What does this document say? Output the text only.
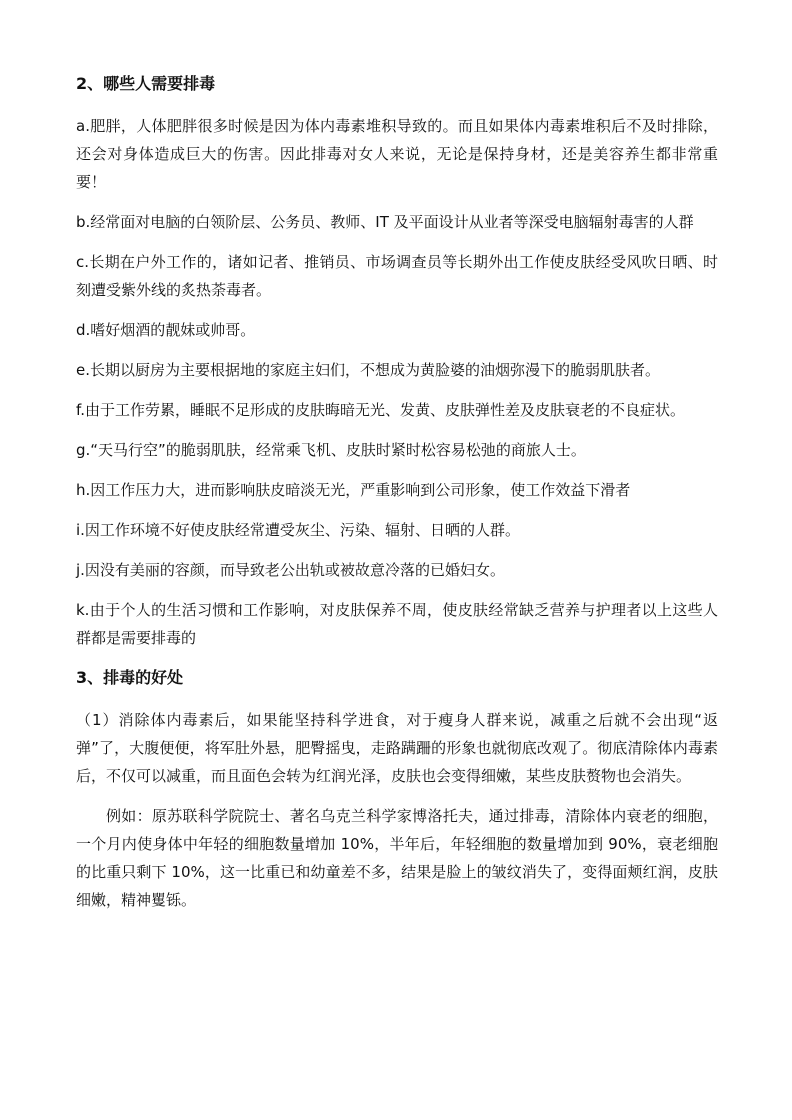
2、哪些人需要排毒
a.肥胖，人体肥胖很多时候是因为体内毒素堆积导致的。而且如果体内毒素堆积后不及时排除，还会对身体造成巨大的伤害。因此排毒对女人来说，无论是保持身材，还是美容养生都非常重要！
b.经常面对电脑的白领阶层、公务员、教师、IT 及平面设计从业者等深受电脑辐射毒害的人群
c.长期在户外工作的，诸如记者、推销员、市场调查员等长期外出工作使皮肤经受风吹日晒、时刻遭受紫外线的炙热荼毒者。
d.嗜好烟酒的靓妹或帅哥。
e.长期以厨房为主要根据地的家庭主妇们，不想成为黄脸婆的油烟弥漫下的脆弱肌肤者。
f.由于工作劳累，睡眠不足形成的皮肤晦暗无光、发黄、皮肤弹性差及皮肤衰老的不良症状。
g.“天马行空”的脆弱肌肤，经常乘飞机、皮肤时紧时松容易松弛的商旅人士。
h.因工作压力大，进而影响肤皮暗淡无光，严重影响到公司形象，使工作效益下滑者
i.因工作环境不好使皮肤经常遭受灰尘、污染、辐射、日晒的人群。
j.因没有美丽的容颜，而导致老公出轨或被故意冷落的已婚妇女。
k.由于个人的生活习惯和工作影响，对皮肤保养不周，使皮肤经常缺乏营养与护理者以上这些人群都是需要排毒的
3、排毒的好处
（1）消除体内毒素后，如果能坚持科学进食，对于瘦身人群来说，减重之后就不会出现“返弹”了，大腹便便，将军肚外悬，肥臀摇曳，走路蹒跚的形象也就彻底改观了。彻底清除体内毒素后，不仅可以减重，而且面色会转为红润光泽，皮肤也会变得细嫩，某些皮肤赘物也会消失。
例如：原苏联科学院院士、著名乌克兰科学家博洛托夫，通过排毒，清除体内衰老的细胞，一个月内使身体中年轻的细胞数量增加 10%，半年后，年轻细胞的数量增加到 90%，衰老细胞的比重只剩下 10%，这一比重已和幼童差不多，结果是脸上的皱纹消失了，变得面颊红润，皮肤细嫩，精神矍铄。
